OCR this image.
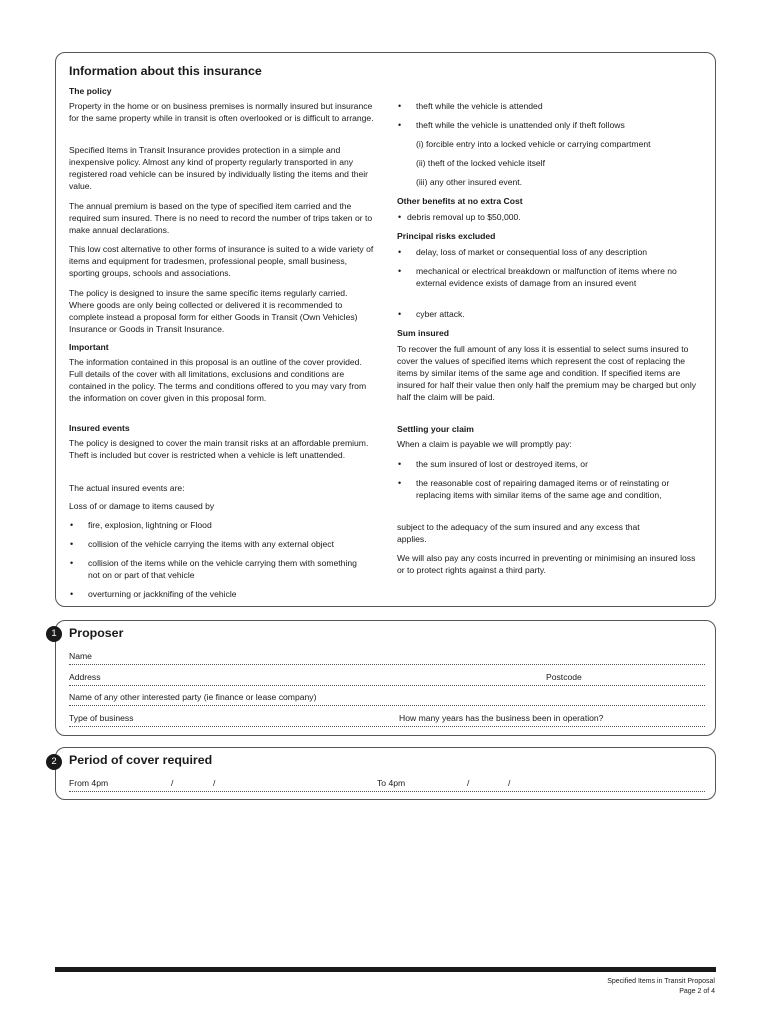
Information about this insurance

The policy

Property in the home or on business premises is normally insured but insurance for the same property while in transit is often overlooked or is difficult to arrange.

Specified Items in Transit Insurance provides protection in a simple and inexpensive policy. Almost any kind of property regularly transported in any registered road vehicle can be insured by individually listing the items and their value.

The annual premium is based on the type of specified item carried and the required sum insured. There is no need to record the number of trips taken or to make annual declarations.

This low cost alternative to other forms of insurance is suited to a wide variety of items and equipment for tradesmen, professional people, small business, sporting groups, schools and associations.

The policy is designed to insure the same specific items regularly carried. Where goods are only being collected or delivered it is recommended to complete instead a proposal form for either Goods in Transit (Own Vehicles) Insurance or Goods in Transit Insurance.

Important

The information contained in this proposal is an outline of the cover provided. Full details of the cover with all limitations, exclusions and conditions are contained in the policy. The terms and conditions offered to you may vary from the information on cover given in this proposal form.

Insured events

The policy is designed to cover the main transit risks at an affordable premium. Theft is included but cover is restricted when a vehicle is left unattended.

The actual insured events are:

Loss of or damage to items caused by

• fire, explosion, lightning or Flood
• collision of the vehicle carrying the items with any external object
• collision of the items while on the vehicle carrying them with something not on or part of that vehicle
• overturning or jackknifing of the vehicle
• theft while the vehicle is attended
• theft while the vehicle is unattended only if theft follows
(i) forcible entry into a locked vehicle or carrying compartment
(ii) theft of the locked vehicle itself
(iii) any other insured event.

Other benefits at no extra Cost

• debris removal up to $50,000.

Principal risks excluded

• delay, loss of market or consequential loss of any description
• mechanical or electrical breakdown or malfunction of items where no external evidence exists of damage from an insured event
• cyber attack.

Sum insured

To recover the full amount of any loss it is essential to select sums insured to cover the values of specified items which represent the cost of replacing the items by similar items of the same age and condition. If specified items are insured for half their value then only half the premium may be charged but only half the claim will be paid.

Settling your claim

When a claim is payable we will promptly pay:

• the sum insured of lost or destroyed items, or
• the reasonable cost of repairing damaged items or of reinstating or replacing items with similar items of the same age and condition,

subject to the adequacy of the sum insured and any excess that applies.

We will also pay any costs incurred in preventing or minimising an insured loss or to protect rights against a third party.

1 Proposer
Name
Address	Postcode
Name of any other interested party (ie finance or lease company)
Type of business	How many years has the business been in operation?
2 Period of cover required
From 4pm	/	/	To 4pm	/	/
Specified Items in Transit Proposal
Page 2 of 4
